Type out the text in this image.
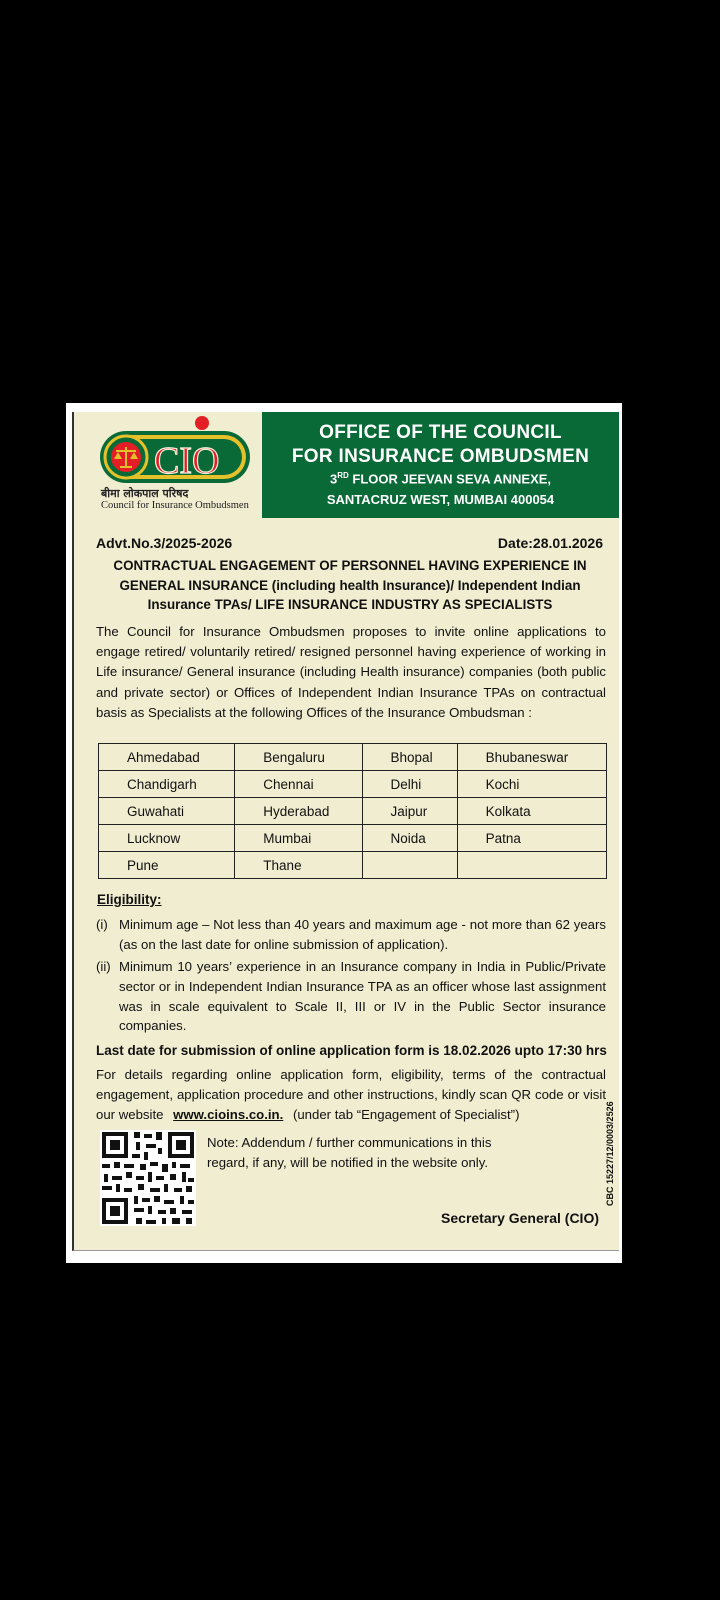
CIO
बीमा लोकपाल परिषद
Council for Insurance Ombudsmen
OFFICE OF THE COUNCIL
FOR INSURANCE OMBUDSMEN
3RD FLOOR JEEVAN SEVA ANNEXE,
SANTACRUZ WEST, MUMBAI 400054
Advt.No.3/2025-2026	Date:28.01.2026
CONTRACTUAL ENGAGEMENT OF PERSONNEL HAVING EXPERIENCE IN GENERAL INSURANCE (including health Insurance)/ Independent Indian Insurance TPAs/ LIFE INSURANCE INDUSTRY AS SPECIALISTS
The Council for Insurance Ombudsmen proposes to invite online applications to engage retired/ voluntarily retired/ resigned personnel having experience of working in Life insurance/ General insurance (including Health insurance) companies (both public and private sector) or Offices of Independent Indian Insurance TPAs on contractual basis as Specialists at the following Offices of the Insurance Ombudsman :
Ahmedabad	Bengaluru	Bhopal	Bhubaneswar
Chandigarh	Chennai	Delhi	Kochi
Guwahati	Hyderabad	Jaipur	Kolkata
Lucknow	Mumbai	Noida	Patna
Pune	Thane		
Eligibility:
(i) Minimum age – Not less than 40 years and maximum age - not more than 62 years (as on the last date for online submission of application).
(ii) Minimum 10 years’ experience in an Insurance company in India in Public/Private sector or in Independent Indian Insurance TPA as an officer whose last assignment was in scale equivalent to Scale II, III or IV in the Public Sector insurance companies.
Last date for submission of online application form is 18.02.2026 upto 17:30 hrs
For details regarding online application form, eligibility, terms of the contractual engagement, application procedure and other instructions, kindly scan QR code or visit our website www.cioins.co.in. (under tab “Engagement of Specialist”)
Note: Addendum / further communications in this regard, if any, will be notified in the website only.	CBC 15227/12/0003/2526
Secretary General (CIO)
